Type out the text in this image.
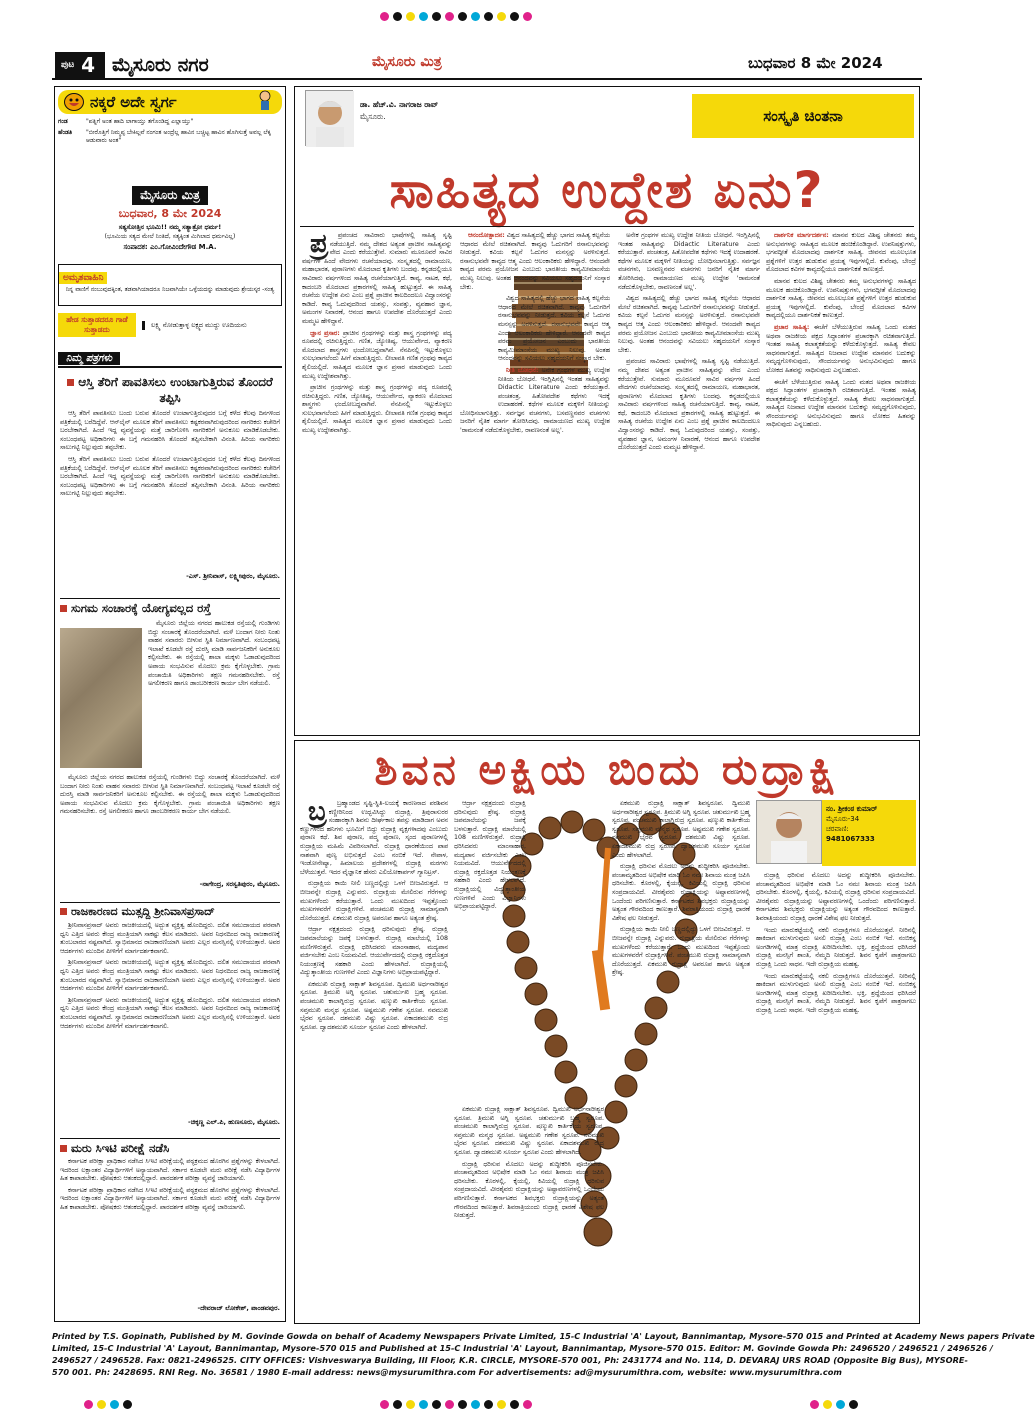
$^{ಪುಟ}$ 4 ಮೈಸೂರು ನಗರ	ಮೈಸೂರು ಮಿತ್ರ	ಬುಧವಾರ 8 ಮೇ 2024
ನಕ್ಕರೆ ಅದೇ ಸ್ವರ್ಗ
ಗಂಡ	"ಪತ್ನಿಗೆ ಅಂತ ಹಾದಿ ಲಾಗಾಯ್ತು ತಗೊಂಡಿದ್ದ ಎಲ್ಲಾಯ್ತು"
ಹೆಂಡತಿ	"ಬೀರೊತ್ತಿಗೆ ನಿಮ್ಮಪ್ಪ ಬೇಕಿಲ್ಲವೆ ನಂಗಂತ ಅಂದ್ರೆಲ್ಲ ಹಾವಿನ ಬಚ್ಚಿಟ್ಟ ಹಾವಿನ ಹೊಗಿಸುತ್ತೆ ಅವಲ್ಲ ಲೆಕ್ಕ ಆಡುವಾರು ಅಂತ"
ಮೈಸೂರು ಮಿತ್ರ
ಬುಧವಾರ, 8 ಮೇ 2024
ಸತ್ಯಸೋತ್ತಿನ ಭೂಮಿ!! ನಮ್ಮ ಸತ್ಯಾತ್ರೋ ಧರ್ಮ!
(ಭೂಮಿಯ ಸತ್ಯದ ಮೇಲೆ ನಿಂತಿದೆ, ಸತ್ಯಕ್ಕಿಂತ ಮಿಗಿಲಾದ ಧರ್ಮವಿಲ್ಲ)
ಸಂಪಾದಕ: ಎಂ.ಗೋವಿಂದೇಗೌಡ M.A.
ಅಮೃತವಾಹಿನಿ
ನಿನ್ನ ವಾಣಿಗೆ ನಂಬುವುದಕ್ಕಿಂತ, ತಡವಾಗಿಯಾದರೂ ನಿಜವಾಗಿಯೇ ಒಳ್ಳೆಯದನ್ನು ಮಾಡುವುದು ಶ್ರೇಯಸ್ಕರ -ಸಂತ್ಯ
ಹೇಡ ಸುತ್ತಾಡದರೂ ಗಾಡೆ ಸುತ್ತಾಡದು
ಲಕ್ಷ್ಮಿ ನೋಡುತ್ತಾಳ್ಳ ಲಕ್ಷ್ಮದ ಮುದ್ದು ಊದಿಯನು
ನಿಮ್ಮ ಪತ್ರಗಳು
ಆಸ್ತಿ ತೆರಿಗೆ ಪಾವತಿಸಲು ಉಂಟಾಗುತ್ತಿರುವ ತೊಂದರೆ ತಪ್ಪಿಸಿ

ಆಸ್ತಿ ತೆರಿಗೆ ಪಾವತಿಸಲು ಬಂದು ಬರುವ ತೊಂದರೆ ಉಂಟಾಗುತ್ತಿರುವುದರ ಬಗ್ಗೆ ಕಳೆದ ಕೆಲವು ದಿನಗಳಿಂದ ಪತ್ರಿಕೆಯಲ್ಲಿ ಬರೆದಿದ್ದೆವೆ. ಆನ್‌ಲೈನ್ ಮೂಲಕ ತೆರಿಗೆ ಪಾವತಿಸಲು ಕಷ್ಟಕರವಾಗಿರುವುದರಿಂದ ನಾಗರಿಕರು ಕಚೇರಿಗೆ ಬರಬೇಕಾಗಿದೆ. ಹಿಂದೆ ಇದ್ದ ವ್ಯವಸ್ಥೆಯನ್ನು ಮತ್ತೆ ಜಾರಿಗೊಳಿಸಿ ನಾಗರಿಕರಿಗೆ ಅನುಕೂಲ ಮಾಡಿಕೊಡಬೇಕು. ಸಂಬಂಧಪಟ್ಟ ಅಧಿಕಾರಿಗಳು ಈ ಬಗ್ಗೆ ಗಮನಹರಿಸಿ ತೊಂದರೆ ತಪ್ಪಿಸಬೇಕಾಗಿ ವಿನಂತಿ. ಹಿರಿಯ ನಾಗರಿಕರು ಸಾಲುಗಟ್ಟಿ ನಿಲ್ಲುವುದು ತಪ್ಪಬೇಕು.

ಆಸ್ತಿ ತೆರಿಗೆ ಪಾವತಿಸಲು ಬಂದು ಬರುವ ತೊಂದರೆ ಉಂಟಾಗುತ್ತಿರುವುದರ ಬಗ್ಗೆ ಕಳೆದ ಕೆಲವು ದಿನಗಳಿಂದ ಪತ್ರಿಕೆಯಲ್ಲಿ ಬರೆದಿದ್ದೆವೆ. ಆನ್‌ಲೈನ್ ಮೂಲಕ ತೆರಿಗೆ ಪಾವತಿಸಲು ಕಷ್ಟಕರವಾಗಿರುವುದರಿಂದ ನಾಗರಿಕರು ಕಚೇರಿಗೆ ಬರಬೇಕಾಗಿದೆ. ಹಿಂದೆ ಇದ್ದ ವ್ಯವಸ್ಥೆಯನ್ನು ಮತ್ತೆ ಜಾರಿಗೊಳಿಸಿ ನಾಗರಿಕರಿಗೆ ಅನುಕೂಲ ಮಾಡಿಕೊಡಬೇಕು. ಸಂಬಂಧಪಟ್ಟ ಅಧಿಕಾರಿಗಳು ಈ ಬಗ್ಗೆ ಗಮನಹರಿಸಿ ತೊಂದರೆ ತಪ್ಪಿಸಬೇಕಾಗಿ ವಿನಂತಿ. ಹಿರಿಯ ನಾಗರಿಕರು ಸಾಲುಗಟ್ಟಿ ನಿಲ್ಲುವುದು ತಪ್ಪಬೇಕು.

-ಎಸ್. ಶ್ರೀನಿವಾಸ್, ಲಕ್ಷ್ಮೀಪುರಂ, ಮೈಸೂರು.
ಸುಗಮ ಸಂಚಾರಕ್ಕೆ ಯೋಗ್ಯವಲ್ಲದ ರಸ್ತೆ

ಮೈಸೂರು ಜಿಲ್ಲೆಯ ನಗರದ ಹಾಲುಕಡ ರಸ್ತೆಯಲ್ಲಿ ಗುಂಡಿಗಳು ಬಿದ್ದು ಸಂಚಾರಕ್ಕೆ ತೊಂದರೆಯಾಗಿದೆ. ಮಳೆ ಬಂದಾಗ ನೀರು ನಿಂತು ವಾಹನ ಸವಾರರು ಬೀಳುವ ಸ್ಥಿತಿ ನಿರ್ಮಾಣವಾಗಿದೆ. ಸಂಬಂಧಪಟ್ಟ ಇಲಾಖೆ ಕೂಡಲೇ ರಸ್ತೆ ದುರಸ್ತಿ ಮಾಡಿ ಸಾರ್ವಜನಿಕರಿಗೆ ಅನುಕೂಲ ಕಲ್ಪಿಸಬೇಕು. ಈ ರಸ್ತೆಯಲ್ಲಿ ಶಾಲಾ ಮಕ್ಕಳು ಓಡಾಡುವುದರಿಂದ ಅಪಾಯ ಸಂಭವಿಸುವ ಮೊದಲು ಕ್ರಮ ಕೈಗೊಳ್ಳಬೇಕು. ಗ್ರಾಮ ಪಂಚಾಯಿತಿ ಅಧಿಕಾರಿಗಳು ತಕ್ಷಣ ಗಮನಹರಿಸಬೇಕು. ರಸ್ತೆ ಅಗಲೀಕರಣ ಹಾಗೂ ಡಾಂಬರೀಕರಣ ಕಾರ್ಯ ಬೇಗ ನಡೆಯಲಿ.

ಮೈಸೂರು ಜಿಲ್ಲೆಯ ನಗರದ ಹಾಲುಕಡ ರಸ್ತೆಯಲ್ಲಿ ಗುಂಡಿಗಳು ಬಿದ್ದು ಸಂಚಾರಕ್ಕೆ ತೊಂದರೆಯಾಗಿದೆ. ಮಳೆ ಬಂದಾಗ ನೀರು ನಿಂತು ವಾಹನ ಸವಾರರು ಬೀಳುವ ಸ್ಥಿತಿ ನಿರ್ಮಾಣವಾಗಿದೆ. ಸಂಬಂಧಪಟ್ಟ ಇಲಾಖೆ ಕೂಡಲೇ ರಸ್ತೆ ದುರಸ್ತಿ ಮಾಡಿ ಸಾರ್ವಜನಿಕರಿಗೆ ಅನುಕೂಲ ಕಲ್ಪಿಸಬೇಕು. ಈ ರಸ್ತೆಯಲ್ಲಿ ಶಾಲಾ ಮಕ್ಕಳು ಓಡಾಡುವುದರಿಂದ ಅಪಾಯ ಸಂಭವಿಸುವ ಮೊದಲು ಕ್ರಮ ಕೈಗೊಳ್ಳಬೇಕು. ಗ್ರಾಮ ಪಂಚಾಯಿತಿ ಅಧಿಕಾರಿಗಳು ತಕ್ಷಣ ಗಮನಹರಿಸಬೇಕು. ರಸ್ತೆ ಅಗಲೀಕರಣ ಹಾಗೂ ಡಾಂಬರೀಕರಣ ಕಾರ್ಯ ಬೇಗ ನಡೆಯಲಿ.

-ನಾಗೇಂದ್ರ, ಸರಸ್ವತಿಪುರಂ, ಮೈಸೂರು.
ರಾಜಕಾರಣದ ಮುತ್ಸದ್ದಿ ಶ್ರೀನಿವಾಸಪ್ರಸಾದ್

ಶ್ರೀನಿವಾಸಪ್ರಸಾದ್ ಅವರು ರಾಜಕೀಯದಲ್ಲಿ ಅದ್ಭುತ ವ್ಯಕ್ತಿತ್ವ ಹೊಂದಿದ್ದರು. ದಲಿತ ಸಮುದಾಯದ ಪರವಾಗಿ ಧ್ವನಿ ಎತ್ತಿದ ಅವರು ಕೇಂದ್ರ ಮಂತ್ರಿಯಾಗಿ ಸಾಕಷ್ಟು ಕೆಲಸ ಮಾಡಿದರು. ಅವರ ನಿಧನದಿಂದ ರಾಜ್ಯ ರಾಜಕಾರಣಕ್ಕೆ ತುಂಬಲಾರದ ನಷ್ಟವಾಗಿದೆ. ಸ್ವಾಭಿಮಾನದ ರಾಜಕಾರಣಿಯಾಗಿ ಅವರು ಎಲ್ಲರ ಮನಸ್ಸಿನಲ್ಲಿ ಉಳಿಯುತ್ತಾರೆ. ಅವರ ಆದರ್ಶಗಳು ಮುಂದಿನ ಪೀಳಿಗೆಗೆ ಮಾರ್ಗದರ್ಶಕವಾಗಲಿ.

ಶ್ರೀನಿವಾಸಪ್ರಸಾದ್ ಅವರು ರಾಜಕೀಯದಲ್ಲಿ ಅದ್ಭುತ ವ್ಯಕ್ತಿತ್ವ ಹೊಂದಿದ್ದರು. ದಲಿತ ಸಮುದಾಯದ ಪರವಾಗಿ ಧ್ವನಿ ಎತ್ತಿದ ಅವರು ಕೇಂದ್ರ ಮಂತ್ರಿಯಾಗಿ ಸಾಕಷ್ಟು ಕೆಲಸ ಮಾಡಿದರು. ಅವರ ನಿಧನದಿಂದ ರಾಜ್ಯ ರಾಜಕಾರಣಕ್ಕೆ ತುಂಬಲಾರದ ನಷ್ಟವಾಗಿದೆ. ಸ್ವಾಭಿಮಾನದ ರಾಜಕಾರಣಿಯಾಗಿ ಅವರು ಎಲ್ಲರ ಮನಸ್ಸಿನಲ್ಲಿ ಉಳಿಯುತ್ತಾರೆ. ಅವರ ಆದರ್ಶಗಳು ಮುಂದಿನ ಪೀಳಿಗೆಗೆ ಮಾರ್ಗದರ್ಶಕವಾಗಲಿ.

ಶ್ರೀನಿವಾಸಪ್ರಸಾದ್ ಅವರು ರಾಜಕೀಯದಲ್ಲಿ ಅದ್ಭುತ ವ್ಯಕ್ತಿತ್ವ ಹೊಂದಿದ್ದರು. ದಲಿತ ಸಮುದಾಯದ ಪರವಾಗಿ ಧ್ವನಿ ಎತ್ತಿದ ಅವರು ಕೇಂದ್ರ ಮಂತ್ರಿಯಾಗಿ ಸಾಕಷ್ಟು ಕೆಲಸ ಮಾಡಿದರು. ಅವರ ನಿಧನದಿಂದ ರಾಜ್ಯ ರಾಜಕಾರಣಕ್ಕೆ ತುಂಬಲಾರದ ನಷ್ಟವಾಗಿದೆ. ಸ್ವಾಭಿಮಾನದ ರಾಜಕಾರಣಿಯಾಗಿ ಅವರು ಎಲ್ಲರ ಮನಸ್ಸಿನಲ್ಲಿ ಉಳಿಯುತ್ತಾರೆ. ಅವರ ಆದರ್ಶಗಳು ಮುಂದಿನ ಪೀಳಿಗೆಗೆ ಮಾರ್ಗದರ್ಶಕವಾಗಲಿ.

-ಚಿಕ್ಕಣ್ಣ ಎಲ್.ಪಿ, ಹುಣಸೂರು, ಮೈಸೂರು.
ಮರು ಸಿಇಟಿ ಪರೀಕ್ಷೆ ನಡೆಸಿ

ಕರ್ನಾಟಕ ಪರೀಕ್ಷಾ ಪ್ರಾಧಿಕಾರ ನಡೆಸಿದ ಸಿಇಟಿ ಪರೀಕ್ಷೆಯಲ್ಲಿ ಪಠ್ಯಕ್ರಮದ ಹೊರಗಿನ ಪ್ರಶ್ನೆಗಳನ್ನು ಕೇಳಲಾಗಿದೆ. ಇದರಿಂದ ಲಕ್ಷಾಂತರ ವಿದ್ಯಾರ್ಥಿಗಳಿಗೆ ಅನ್ಯಾಯವಾಗಿದೆ. ಸರ್ಕಾರ ಕೂಡಲೇ ಮರು ಪರೀಕ್ಷೆ ನಡೆಸಿ ವಿದ್ಯಾರ್ಥಿಗಳ ಹಿತ ಕಾಪಾಡಬೇಕು. ಪೋಷಕರು ಆತಂಕದಲ್ಲಿದ್ದಾರೆ. ಪಾರದರ್ಶಕ ಪರೀಕ್ಷಾ ವ್ಯವಸ್ಥೆ ಜಾರಿಯಾಗಲಿ.

ಕರ್ನಾಟಕ ಪರೀಕ್ಷಾ ಪ್ರಾಧಿಕಾರ ನಡೆಸಿದ ಸಿಇಟಿ ಪರೀಕ್ಷೆಯಲ್ಲಿ ಪಠ್ಯಕ್ರಮದ ಹೊರಗಿನ ಪ್ರಶ್ನೆಗಳನ್ನು ಕೇಳಲಾಗಿದೆ. ಇದರಿಂದ ಲಕ್ಷಾಂತರ ವಿದ್ಯಾರ್ಥಿಗಳಿಗೆ ಅನ್ಯಾಯವಾಗಿದೆ. ಸರ್ಕಾರ ಕೂಡಲೇ ಮರು ಪರೀಕ್ಷೆ ನಡೆಸಿ ವಿದ್ಯಾರ್ಥಿಗಳ ಹಿತ ಕಾಪಾಡಬೇಕು. ಪೋಷಕರು ಆತಂಕದಲ್ಲಿದ್ದಾರೆ. ಪಾರದರ್ಶಕ ಪರೀಕ್ಷಾ ವ್ಯವಸ್ಥೆ ಜಾರಿಯಾಗಲಿ.

-ದೇವರಾಜ್ ಲೋಕೇಶ್, ಪಾಂಡವಪುರ.
ಡಾ. ಹೆಚ್.ವಿ. ನಾಗರಾಜ ರಾವ್
ಮೈಸೂರು.	ಸಂಸ್ಕೃತಿ ಚಿಂತನಾ
ಸಾಹಿತ್ಯದ ಉದ್ದೇಶ ಏನು?

ಪ್ರ ಪ್ರಪಂಚದ ಸಾವಿರಾರು ಭಾಷೆಗಳಲ್ಲಿ ಸಾಹಿತ್ಯ ಸೃಷ್ಟಿ ನಡೆಯುತ್ತಿದೆ. ನಮ್ಮ ದೇಶದ ಅತ್ಯಂತ ಪ್ರಾಚೀನ ಸಾಹಿತ್ಯವನ್ನು ವೇದ ಎಂದು ಕರೆಯುತ್ತೇವೆ. ಸುಮಾರು ಮೂರೂವರೆ ಸಾವಿರ ವರ್ಷಗಳ ಹಿಂದೆ ವೇದಗಳು ರಚನೆಯಾದವು. ಸಂಸ್ಕೃತದಲ್ಲಿ ರಾಮಾಯಣ, ಮಹಾಭಾರತ, ಪುರಾಣಗಳು ಮೊದಲಾದ ಕೃತಿಗಳು ಬಂದವು. ಕನ್ನಡದಲ್ಲಿಯೂ ಸಾವಿರಾರು ವರ್ಷಗಳಿಂದ ಸಾಹಿತ್ಯ ರಚನೆಯಾಗುತ್ತಿದೆ. ಕಾವ್ಯ, ನಾಟಕ, ಕಥೆ, ಕಾದಂಬರಿ ಮೊದಲಾದ ಪ್ರಕಾರಗಳಲ್ಲಿ ಸಾಹಿತ್ಯ ಹುಟ್ಟುತ್ತದೆ. ಈ ಸಾಹಿತ್ಯ ರಚನೆಯ ಉದ್ದೇಶ ಏನು ಎಂಬ ಪ್ರಶ್ನೆ ಪ್ರಾಚೀನ ಕಾಲದಿಂದಲೂ ವಿದ್ವಾಂಸರನ್ನು ಕಾಡಿದೆ. ಕಾವ್ಯ ಓದುವುದರಿಂದ ಯಶಸ್ಸು, ಸಂಪತ್ತು, ವ್ಯವಹಾರ ಜ್ಞಾನ, ಅಮಂಗಳ ನಿವಾರಣೆ, ಆನಂದ ಹಾಗೂ ಉಪದೇಶ ದೊರೆಯುತ್ತದೆ ಎಂದು ಮಮ್ಮಟ ಹೇಳಿದ್ದಾನೆ.

ಜ್ಞಾನ ಪ್ರಸಾರ: ಪ್ರಾಚೀನ ಗ್ರಂಥಗಳನ್ನು ಮತ್ತು ಶಾಸ್ತ್ರ ಗ್ರಂಥಗಳನ್ನು ಪದ್ಯ ರೂಪದಲ್ಲಿ ರಚಿಸುತ್ತಿದ್ದರು. ಗಣಿತ, ಜ್ಯೋತಿಷ್ಯ, ಆಯುರ್ವೇದ, ವ್ಯಾಕರಣ ಮೊದಲಾದ ಶಾಸ್ತ್ರಗಳು ಛಂದೋಬದ್ಧವಾಗಿವೆ. ನೆನಪಿನಲ್ಲಿ ಇಟ್ಟುಕೊಳ್ಳಲು ಸುಲಭವಾಗಲೆಂದು ಹೀಗೆ ಮಾಡುತ್ತಿದ್ದರು. ಲೀಲಾವತಿ ಗಣಿತ ಗ್ರಂಥವು ಕಾವ್ಯದ ಶೈಲಿಯಲ್ಲಿದೆ. ಸಾಹಿತ್ಯದ ಮೂಲಕ ಜ್ಞಾನ ಪ್ರಸಾರ ಮಾಡುವುದು ಒಂದು ಮುಖ್ಯ ಉದ್ದೇಶವಾಗಿತ್ತು.

ಪ್ರಾಚೀನ ಗ್ರಂಥಗಳನ್ನು ಮತ್ತು ಶಾಸ್ತ್ರ ಗ್ರಂಥಗಳನ್ನು ಪದ್ಯ ರೂಪದಲ್ಲಿ ರಚಿಸುತ್ತಿದ್ದರು. ಗಣಿತ, ಜ್ಯೋತಿಷ್ಯ, ಆಯುರ್ವೇದ, ವ್ಯಾಕರಣ ಮೊದಲಾದ ಶಾಸ್ತ್ರಗಳು ಛಂದೋಬದ್ಧವಾಗಿವೆ. ನೆನಪಿನಲ್ಲಿ ಇಟ್ಟುಕೊಳ್ಳಲು ಸುಲಭವಾಗಲೆಂದು ಹೀಗೆ ಮಾಡುತ್ತಿದ್ದರು. ಲೀಲಾವತಿ ಗಣಿತ ಗ್ರಂಥವು ಕಾವ್ಯದ ಶೈಲಿಯಲ್ಲಿದೆ. ಸಾಹಿತ್ಯದ ಮೂಲಕ ಜ್ಞಾನ ಪ್ರಸಾರ ಮಾಡುವುದು ಒಂದು ಮುಖ್ಯ ಉದ್ದೇಶವಾಗಿತ್ತು.

ಆನಂದೋತ್ಪಾದನ: ವಿಶ್ವದ ಸಾಹಿತ್ಯದಲ್ಲಿ ಹೆಚ್ಚು ಭಾಗದ ಸಾಹಿತ್ಯ ಕಲ್ಪನೆಯ ಆಧಾರದ ಮೇಲೆ ರಚಿತವಾಗಿದೆ. ಕಾವ್ಯವು ಓದುಗರಿಗೆ ರಸಾನುಭವವನ್ನು ನೀಡುತ್ತದೆ. ಕವಿಯ ಕಲ್ಪನೆ ಓದುಗರ ಮನಸ್ಸನ್ನು ಅರಳಿಸುತ್ತದೆ. ರಸಾನುಭವವೇ ಕಾವ್ಯದ ಆತ್ಮ ಎಂದು ಆಲಂಕಾರಿಕರು ಹೇಳಿದ್ದಾರೆ. ಆನಂದವೇ ಕಾವ್ಯದ ಪರಮ ಪ್ರಯೋಜನ ಎಂಬುದು ಭಾರತೀಯ ಕಾವ್ಯಮೀಮಾಂಸೆಯ ಮುಖ್ಯ ನಿಲುವು. ಅಂತಹ ಆನಂದವನ್ನು ಸವಿಯಲು ಸಹೃದಯನಿಗೆ ಸಂಸ್ಕಾರ ಬೇಕು.

ವಿಶ್ವದ ಸಾಹಿತ್ಯದಲ್ಲಿ ಹೆಚ್ಚು ಭಾಗದ ಸಾಹಿತ್ಯ ಕಲ್ಪನೆಯ ಆಧಾರದ ಮೇಲೆ ರಚಿತವಾಗಿದೆ. ಕಾವ್ಯವು ಓದುಗರಿಗೆ ರಸಾನುಭವವನ್ನು ನೀಡುತ್ತದೆ. ಕವಿಯ ಕಲ್ಪನೆ ಓದುಗರ ಮನಸ್ಸನ್ನು ಅರಳಿಸುತ್ತದೆ. ರಸಾನುಭವವೇ ಕಾವ್ಯದ ಆತ್ಮ ಎಂದು ಆಲಂಕಾರಿಕರು ಹೇಳಿದ್ದಾರೆ. ಆನಂದವೇ ಕಾವ್ಯದ ಪರಮ ಪ್ರಯೋಜನ ಎಂಬುದು ಭಾರತೀಯ ಕಾವ್ಯಮೀಮಾಂಸೆಯ ಮುಖ್ಯ ನಿಲುವು. ಅಂತಹ ಆನಂದವನ್ನು ಸವಿಯಲು ಸಹೃದಯನಿಗೆ ಸಂಸ್ಕಾರ ಬೇಕು.

ನೀತಿ ಬೋಧನೆ: ಅನೇಕ ಗ್ರಂಥಗಳ ಮುಖ್ಯ ಉದ್ದೇಶ ನೀತಿಯ ಬೋಧನೆ. ಇಂಗ್ಲಿಷಿನಲ್ಲಿ ಇಂತಹ ಸಾಹಿತ್ಯವನ್ನು Didactic Literature ಎಂದು ಕರೆಯುತ್ತಾರೆ. ಪಂಚತಂತ್ರ, ಹಿತೋಪದೇಶ ಕಥೆಗಳು ಇದಕ್ಕೆ ಉದಾಹರಣೆ. ಕಥೆಗಳ ಮೂಲಕ ಮಕ್ಕಳಿಗೆ ನೀತಿಯನ್ನು ಬೋಧಿಸಲಾಗುತ್ತಿತ್ತು. ಸರ್ವಜ್ಞನ ವಚನಗಳು, ಬಸವಣ್ಣನವರ ವಚನಗಳು ಜನರಿಗೆ ನೈತಿಕ ಮಾರ್ಗ ತೋರಿಸಿದವು. ರಾಮಾಯಣದ ಮುಖ್ಯ ಉದ್ದೇಶ 'ರಾಮನಂತೆ ನಡೆದುಕೊಳ್ಳಬೇಕು, ರಾವಣನಂತೆ ಅಲ್ಲ'.

ಅನೇಕ ಗ್ರಂಥಗಳ ಮುಖ್ಯ ಉದ್ದೇಶ ನೀತಿಯ ಬೋಧನೆ. ಇಂಗ್ಲಿಷಿನಲ್ಲಿ ಇಂತಹ ಸಾಹಿತ್ಯವನ್ನು Didactic Literature ಎಂದು ಕರೆಯುತ್ತಾರೆ. ಪಂಚತಂತ್ರ, ಹಿತೋಪದೇಶ ಕಥೆಗಳು ಇದಕ್ಕೆ ಉದಾಹರಣೆ. ಕಥೆಗಳ ಮೂಲಕ ಮಕ್ಕಳಿಗೆ ನೀತಿಯನ್ನು ಬೋಧಿಸಲಾಗುತ್ತಿತ್ತು. ಸರ್ವಜ್ಞನ ವಚನಗಳು, ಬಸವಣ್ಣನವರ ವಚನಗಳು ಜನರಿಗೆ ನೈತಿಕ ಮಾರ್ಗ ತೋರಿಸಿದವು. ರಾಮಾಯಣದ ಮುಖ್ಯ ಉದ್ದೇಶ 'ರಾಮನಂತೆ ನಡೆದುಕೊಳ್ಳಬೇಕು, ರಾವಣನಂತೆ ಅಲ್ಲ'.

ವಿಶ್ವದ ಸಾಹಿತ್ಯದಲ್ಲಿ ಹೆಚ್ಚು ಭಾಗದ ಸಾಹಿತ್ಯ ಕಲ್ಪನೆಯ ಆಧಾರದ ಮೇಲೆ ರಚಿತವಾಗಿದೆ. ಕಾವ್ಯವು ಓದುಗರಿಗೆ ರಸಾನುಭವವನ್ನು ನೀಡುತ್ತದೆ. ಕವಿಯ ಕಲ್ಪನೆ ಓದುಗರ ಮನಸ್ಸನ್ನು ಅರಳಿಸುತ್ತದೆ. ರಸಾನುಭವವೇ ಕಾವ್ಯದ ಆತ್ಮ ಎಂದು ಆಲಂಕಾರಿಕರು ಹೇಳಿದ್ದಾರೆ. ಆನಂದವೇ ಕಾವ್ಯದ ಪರಮ ಪ್ರಯೋಜನ ಎಂಬುದು ಭಾರತೀಯ ಕಾವ್ಯಮೀಮಾಂಸೆಯ ಮುಖ್ಯ ನಿಲುವು. ಅಂತಹ ಆನಂದವನ್ನು ಸವಿಯಲು ಸಹೃದಯನಿಗೆ ಸಂಸ್ಕಾರ ಬೇಕು.

ಪ್ರಪಂಚದ ಸಾವಿರಾರು ಭಾಷೆಗಳಲ್ಲಿ ಸಾಹಿತ್ಯ ಸೃಷ್ಟಿ ನಡೆಯುತ್ತಿದೆ. ನಮ್ಮ ದೇಶದ ಅತ್ಯಂತ ಪ್ರಾಚೀನ ಸಾಹಿತ್ಯವನ್ನು ವೇದ ಎಂದು ಕರೆಯುತ್ತೇವೆ. ಸುಮಾರು ಮೂರೂವರೆ ಸಾವಿರ ವರ್ಷಗಳ ಹಿಂದೆ ವೇದಗಳು ರಚನೆಯಾದವು. ಸಂಸ್ಕೃತದಲ್ಲಿ ರಾಮಾಯಣ, ಮಹಾಭಾರತ, ಪುರಾಣಗಳು ಮೊದಲಾದ ಕೃತಿಗಳು ಬಂದವು. ಕನ್ನಡದಲ್ಲಿಯೂ ಸಾವಿರಾರು ವರ್ಷಗಳಿಂದ ಸಾಹಿತ್ಯ ರಚನೆಯಾಗುತ್ತಿದೆ. ಕಾವ್ಯ, ನಾಟಕ, ಕಥೆ, ಕಾದಂಬರಿ ಮೊದಲಾದ ಪ್ರಕಾರಗಳಲ್ಲಿ ಸಾಹಿತ್ಯ ಹುಟ್ಟುತ್ತದೆ. ಈ ಸಾಹಿತ್ಯ ರಚನೆಯ ಉದ್ದೇಶ ಏನು ಎಂಬ ಪ್ರಶ್ನೆ ಪ್ರಾಚೀನ ಕಾಲದಿಂದಲೂ ವಿದ್ವಾಂಸರನ್ನು ಕಾಡಿದೆ. ಕಾವ್ಯ ಓದುವುದರಿಂದ ಯಶಸ್ಸು, ಸಂಪತ್ತು, ವ್ಯವಹಾರ ಜ್ಞಾನ, ಅಮಂಗಳ ನಿವಾರಣೆ, ಆನಂದ ಹಾಗೂ ಉಪದೇಶ ದೊರೆಯುತ್ತದೆ ಎಂದು ಮಮ್ಮಟ ಹೇಳಿದ್ದಾನೆ.

ದಾರ್ಶನಿಕ ಮಾರ್ಗದರ್ಶನ: ಮಾನವ ಕುಲದ ವಿಶಿಷ್ಟ ಚೇತನರು ತಮ್ಮ ಅನುಭವಗಳನ್ನು ಸಾಹಿತ್ಯದ ಮೂಲಕ ಹಂಚಿಕೊಂಡಿದ್ದಾರೆ. ಉಪನಿಷತ್ತುಗಳು, ಭಗವದ್ಗೀತೆ ಮೊದಲಾದವು ದಾರ್ಶನಿಕ ಸಾಹಿತ್ಯ. ಜೀವನದ ಮೂಲಭೂತ ಪ್ರಶ್ನೆಗಳಿಗೆ ಉತ್ತರ ಹುಡುಕುವ ಪ್ರಯತ್ನ ಇವುಗಳಲ್ಲಿದೆ. ಕುವೆಂಪು, ಬೇಂದ್ರೆ ಮೊದಲಾದ ಕವಿಗಳ ಕಾವ್ಯದಲ್ಲಿಯೂ ದಾರ್ಶನಿಕತೆ ಕಾಣುತ್ತದೆ.

ಮಾನವ ಕುಲದ ವಿಶಿಷ್ಟ ಚೇತನರು ತಮ್ಮ ಅನುಭವಗಳನ್ನು ಸಾಹಿತ್ಯದ ಮೂಲಕ ಹಂಚಿಕೊಂಡಿದ್ದಾರೆ. ಉಪನಿಷತ್ತುಗಳು, ಭಗವದ್ಗೀತೆ ಮೊದಲಾದವು ದಾರ್ಶನಿಕ ಸಾಹಿತ್ಯ. ಜೀವನದ ಮೂಲಭೂತ ಪ್ರಶ್ನೆಗಳಿಗೆ ಉತ್ತರ ಹುಡುಕುವ ಪ್ರಯತ್ನ ಇವುಗಳಲ್ಲಿದೆ. ಕುವೆಂಪು, ಬೇಂದ್ರೆ ಮೊದಲಾದ ಕವಿಗಳ ಕಾವ್ಯದಲ್ಲಿಯೂ ದಾರ್ಶನಿಕತೆ ಕಾಣುತ್ತದೆ.

ಪ್ರಚಾರ ಸಾಹಿತ್ಯ: ಈಚೆಗೆ ಬೆಳೆಯುತ್ತಿರುವ ಸಾಹಿತ್ಯ ಒಂದು ಮತದ ಅಥವಾ ರಾಜಕೀಯ ಪಕ್ಷದ ಸಿದ್ಧಾಂತಗಳ ಪ್ರಚಾರಕ್ಕಾಗಿ ರಚಿತವಾಗುತ್ತಿದೆ. ಇಂತಹ ಸಾಹಿತ್ಯ ಕಲಾತ್ಮಕತೆಯನ್ನು ಕಳೆದುಕೊಳ್ಳುತ್ತದೆ. ಸಾಹಿತ್ಯ ಕೇವಲ ಸಾಧನವಾಗುತ್ತದೆ. ಸಾಹಿತ್ಯದ ನಿಜವಾದ ಉದ್ದೇಶ ಮಾನವನ ಬದುಕನ್ನು ಸಮೃದ್ಧಗೊಳಿಸುವುದು, ಸೌಂದರ್ಯವನ್ನು ಅನುಭವಿಸುವುದು ಹಾಗೂ ಲೋಕದ ಹಿತವನ್ನು ಸಾಧಿಸುವುದು ಎನ್ನಬಹುದು.

ಈಚೆಗೆ ಬೆಳೆಯುತ್ತಿರುವ ಸಾಹಿತ್ಯ ಒಂದು ಮತದ ಅಥವಾ ರಾಜಕೀಯ ಪಕ್ಷದ ಸಿದ್ಧಾಂತಗಳ ಪ್ರಚಾರಕ್ಕಾಗಿ ರಚಿತವಾಗುತ್ತಿದೆ. ಇಂತಹ ಸಾಹಿತ್ಯ ಕಲಾತ್ಮಕತೆಯನ್ನು ಕಳೆದುಕೊಳ್ಳುತ್ತದೆ. ಸಾಹಿತ್ಯ ಕೇವಲ ಸಾಧನವಾಗುತ್ತದೆ. ಸಾಹಿತ್ಯದ ನಿಜವಾದ ಉದ್ದೇಶ ಮಾನವನ ಬದುಕನ್ನು ಸಮೃದ್ಧಗೊಳಿಸುವುದು, ಸೌಂದರ್ಯವನ್ನು ಅನುಭವಿಸುವುದು ಹಾಗೂ ಲೋಕದ ಹಿತವನ್ನು ಸಾಧಿಸುವುದು ಎನ್ನಬಹುದು.

ಶಿವನ ಅಕ್ಷಿಯ ಬಿಂದು ರುದ್ರಾಕ್ಷಿ

ಬ್ರ ಬ್ರಹ್ಮಾಂಡದ ಸೃಷ್ಟಿ-ಸ್ಥಿತಿ-ಲಯಕ್ಕೆ ಕಾರಣನಾದ ಪರಶಿವನ ಕಣ್ಣೀರಿನಿಂದ ಉದ್ಭವಿಸಿದ್ದು ರುದ್ರಾಕ್ಷಿ. ತ್ರಿಪುರಾಸುರರ ಸಂಹಾರಕ್ಕಾಗಿ ಶಿವನು ದೀರ್ಘಕಾಲ ತಪಸ್ಸು ಮಾಡಿದಾಗ ಅವನ ಕಣ್ಣುಗಳಿಂದ ಹನಿಗಳು ಭೂಮಿಗೆ ಬಿದ್ದು ರುದ್ರಾಕ್ಷಿ ವೃಕ್ಷಗಳಾದವು ಎಂಬುದು ಪುರಾಣ ಕಥೆ. ಶಿವ ಪುರಾಣ, ಪದ್ಮ ಪುರಾಣ, ಸ್ಕಂದ ಪುರಾಣಗಳಲ್ಲಿ ರುದ್ರಾಕ್ಷಿಯ ಮಹಿಮೆ ವಿವರಿಸಲಾಗಿದೆ. ರುದ್ರಾಕ್ಷಿ ಧಾರಣೆಯಿಂದ ಪಾಪ ನಾಶವಾಗಿ ಪುಣ್ಯ ಲಭಿಸುತ್ತದೆ ಎಂಬ ನಂಬಿಕೆ ಇದೆ. ನೇಪಾಳ, ಇಂಡೋನೇಷ್ಯಾ, ಹಿಮಾಲಯ ಪ್ರದೇಶಗಳಲ್ಲಿ ರುದ್ರಾಕ್ಷಿ ಮರಗಳು ಬೆಳೆಯುತ್ತವೆ. ಇದರ ವೈಜ್ಞಾನಿಕ ಹೆಸರು ಎಲಿಯೋಕಾರ್ಪಸ್ ಗ್ಯಾನಿಟ್ರಸ್.

ರುದ್ರಾಕ್ಷಿಯ ಕಾಯಿ ನೀಲಿ ಬಣ್ಣದಲ್ಲಿದ್ದು ಒಳಗೆ ಬೀಜವಿರುತ್ತದೆ. ಆ ಬೀಜವನ್ನೇ ರುದ್ರಾಕ್ಷಿ ಎನ್ನುವರು. ರುದ್ರಾಕ್ಷಿಯ ಮೇಲಿರುವ ಗೆರೆಗಳನ್ನು ಮುಖಗಳೆಂದು ಕರೆಯುತ್ತಾರೆ. ಒಂದು ಮುಖದಿಂದ ಇಪ್ಪತ್ತೊಂದು ಮುಖಗಳವರೆಗೆ ರುದ್ರಾಕ್ಷಿಗಳಿವೆ. ಪಂಚಮುಖಿ ರುದ್ರಾಕ್ಷಿ ಸಾಮಾನ್ಯವಾಗಿ ದೊರೆಯುತ್ತದೆ. ಏಕಮುಖಿ ರುದ್ರಾಕ್ಷಿ ಅಪರೂಪ ಹಾಗೂ ಅತ್ಯಂತ ಶ್ರೇಷ್ಠ.

ಆರ್ದ್ರಾ ನಕ್ಷತ್ರದಂದು ರುದ್ರಾಕ್ಷಿ ಧರಿಸುವುದು ಶ್ರೇಷ್ಠ. ರುದ್ರಾಕ್ಷಿ ಜಪಮಾಲೆಯನ್ನು ಜಪಕ್ಕೆ ಬಳಸುತ್ತಾರೆ. ರುದ್ರಾಕ್ಷಿ ಮಾಲೆಯಲ್ಲಿ 108 ಮಣಿಗಳಿರುತ್ತವೆ. ರುದ್ರಾಕ್ಷಿ ಧರಿಸಿದವರು ಮಾಂಸಾಹಾರ, ಮದ್ಯಪಾನ ವರ್ಜಿಸಬೇಕು ಎಂಬ ನಿಯಮವಿದೆ. ಆಯುರ್ವೇದದಲ್ಲಿ ರುದ್ರಾಕ್ಷಿ ರಕ್ತದೊತ್ತಡ ನಿಯಂತ್ರಣಕ್ಕೆ ಸಹಕಾರಿ ಎಂದು ಹೇಳಲಾಗಿದೆ. ರುದ್ರಾಕ್ಷಿಯಲ್ಲಿ ವಿದ್ಯುತ್ಕಾಂತೀಯ ಗುಣಗಳಿವೆ ಎಂದು ವಿಜ್ಞಾನಿಗಳು ಅಭಿಪ್ರಾಯಪಟ್ಟಿದ್ದಾರೆ.

ಏಕಮುಖಿ ರುದ್ರಾಕ್ಷಿ ಸಾಕ್ಷಾತ್ ಶಿವಸ್ವರೂಪ. ದ್ವಿಮುಖಿ ಅರ್ಧನಾರೀಶ್ವರ ಸ್ವರೂಪ. ತ್ರಿಮುಖಿ ಅಗ್ನಿ ಸ್ವರೂಪ. ಚತುರ್ಮುಖಿ ಬ್ರಹ್ಮ ಸ್ವರೂಪ. ಪಂಚಮುಖಿ ಕಾಲಾಗ್ನಿರುದ್ರ ಸ್ವರೂಪ. ಷಣ್ಮುಖಿ ಕಾರ್ತಿಕೇಯ ಸ್ವರೂಪ. ಸಪ್ತಮುಖಿ ಮನ್ಮಥ ಸ್ವರೂಪ. ಅಷ್ಟಮುಖಿ ಗಣೇಶ ಸ್ವರೂಪ. ನವಮುಖಿ ಭೈರವ ಸ್ವರೂಪ. ದಶಮುಖಿ ವಿಷ್ಣು ಸ್ವರೂಪ. ಏಕಾದಶಮುಖಿ ರುದ್ರ ಸ್ವರೂಪ. ದ್ವಾದಶಮುಖಿ ಸೂರ್ಯ ಸ್ವರೂಪ ಎಂದು ಹೇಳಲಾಗಿದೆ.

ಆರ್ದ್ರಾ ನಕ್ಷತ್ರದಂದು ರುದ್ರಾಕ್ಷಿ ಧರಿಸುವುದು ಶ್ರೇಷ್ಠ. ರುದ್ರಾಕ್ಷಿ ಜಪಮಾಲೆಯನ್ನು ಜಪಕ್ಕೆ ಬಳಸುತ್ತಾರೆ. ರುದ್ರಾಕ್ಷಿ ಮಾಲೆಯಲ್ಲಿ 108 ಮಣಿಗಳಿರುತ್ತವೆ. ರುದ್ರಾಕ್ಷಿ ಧರಿಸಿದವರು ಮಾಂಸಾಹಾರ, ಮದ್ಯಪಾನ ವರ್ಜಿಸಬೇಕು ಎಂಬ ನಿಯಮವಿದೆ. ಆಯುರ್ವೇದದಲ್ಲಿ ರುದ್ರಾಕ್ಷಿ ರಕ್ತದೊತ್ತಡ ನಿಯಂತ್ರಣಕ್ಕೆ ಸಹಕಾರಿ ಎಂದು ಹೇಳಲಾಗಿದೆ. ರುದ್ರಾಕ್ಷಿಯಲ್ಲಿ ವಿದ್ಯುತ್ಕಾಂತೀಯ ಗುಣಗಳಿವೆ ಎಂದು ವಿಜ್ಞಾನಿಗಳು ಅಭಿಪ್ರಾಯಪಟ್ಟಿದ್ದಾರೆ.

ಏಕಮುಖಿ ರುದ್ರಾಕ್ಷಿ ಸಾಕ್ಷಾತ್ ಶಿವಸ್ವರೂಪ. ದ್ವಿಮುಖಿ ಅರ್ಧನಾರೀಶ್ವರ ಸ್ವರೂಪ. ತ್ರಿಮುಖಿ ಅಗ್ನಿ ಸ್ವರೂಪ. ಚತುರ್ಮುಖಿ ಬ್ರಹ್ಮ ಸ್ವರೂಪ. ಪಂಚಮುಖಿ ಕಾಲಾಗ್ನಿರುದ್ರ ಸ್ವರೂಪ. ಷಣ್ಮುಖಿ ಕಾರ್ತಿಕೇಯ ಸ್ವರೂಪ. ಸಪ್ತಮುಖಿ ಮನ್ಮಥ ಸ್ವರೂಪ. ಅಷ್ಟಮುಖಿ ಗಣೇಶ ಸ್ವರೂಪ. ನವಮುಖಿ ಭೈರವ ಸ್ವರೂಪ. ದಶಮುಖಿ ವಿಷ್ಣು ಸ್ವರೂಪ. ಏಕಾದಶಮುಖಿ ರುದ್ರ ಸ್ವರೂಪ. ದ್ವಾದಶಮುಖಿ ಸೂರ್ಯ ಸ್ವರೂಪ ಎಂದು ಹೇಳಲಾಗಿದೆ.

ರುದ್ರಾಕ್ಷಿ ಧರಿಸುವ ಮೊದಲು ಅದನ್ನು ಶುದ್ಧೀಕರಿಸಿ ಪೂಜಿಸಬೇಕು. ಪಂಚಾಮೃತದಿಂದ ಅಭಿಷೇಕ ಮಾಡಿ ಓಂ ನಮಃ ಶಿವಾಯ ಮಂತ್ರ ಜಪಿಸಿ ಧರಿಸಬೇಕು. ಕೊರಳಲ್ಲಿ, ಕೈಯಲ್ಲಿ, ಕಿವಿಯಲ್ಲಿ ರುದ್ರಾಕ್ಷಿ ಧರಿಸುವ ಸಂಪ್ರದಾಯವಿದೆ. ವೀರಶೈವರು ರುದ್ರಾಕ್ಷಿಯನ್ನು ಅಷ್ಟಾವರಣಗಳಲ್ಲಿ ಒಂದೆಂದು ಪರಿಗಣಿಸುತ್ತಾರೆ. ಕರ್ನಾಟಕದ ಶಿವಭಕ್ತರು ರುದ್ರಾಕ್ಷಿಯನ್ನು ಅತ್ಯಂತ ಗೌರವದಿಂದ ಕಾಣುತ್ತಾರೆ. ಶಿವರಾತ್ರಿಯಂದು ರುದ್ರಾಕ್ಷಿ ಧಾರಣೆ ವಿಶೇಷ ಫಲ ನೀಡುತ್ತದೆ.

ಏಕಮುಖಿ ರುದ್ರಾಕ್ಷಿ ಸಾಕ್ಷಾತ್ ಶಿವಸ್ವರೂಪ. ದ್ವಿಮುಖಿ ಅರ್ಧನಾರೀಶ್ವರ ಸ್ವರೂಪ. ತ್ರಿಮುಖಿ ಅಗ್ನಿ ಸ್ವರೂಪ. ಚತುರ್ಮುಖಿ ಬ್ರಹ್ಮ ಸ್ವರೂಪ. ಪಂಚಮುಖಿ ಕಾಲಾಗ್ನಿರುದ್ರ ಸ್ವರೂಪ. ಷಣ್ಮುಖಿ ಕಾರ್ತಿಕೇಯ ಸ್ವರೂಪ. ಸಪ್ತಮುಖಿ ಮನ್ಮಥ ಸ್ವರೂಪ. ಅಷ್ಟಮುಖಿ ಗಣೇಶ ಸ್ವರೂಪ. ನವಮುಖಿ ಭೈರವ ಸ್ವರೂಪ. ದಶಮುಖಿ ವಿಷ್ಣು ಸ್ವರೂಪ. ಏಕಾದಶಮುಖಿ ರುದ್ರ ಸ್ವರೂಪ. ದ್ವಾದಶಮುಖಿ ಸೂರ್ಯ ಸ್ವರೂಪ ಎಂದು ಹೇಳಲಾಗಿದೆ.

ರುದ್ರಾಕ್ಷಿ ಧರಿಸುವ ಮೊದಲು ಅದನ್ನು ಶುದ್ಧೀಕರಿಸಿ ಪೂಜಿಸಬೇಕು. ಪಂಚಾಮೃತದಿಂದ ಅಭಿಷೇಕ ಮಾಡಿ ಓಂ ನಮಃ ಶಿವಾಯ ಮಂತ್ರ ಜಪಿಸಿ ಧರಿಸಬೇಕು. ಕೊರಳಲ್ಲಿ, ಕೈಯಲ್ಲಿ, ಕಿವಿಯಲ್ಲಿ ರುದ್ರಾಕ್ಷಿ ಧರಿಸುವ ಸಂಪ್ರದಾಯವಿದೆ. ವೀರಶೈವರು ರುದ್ರಾಕ್ಷಿಯನ್ನು ಅಷ್ಟಾವರಣಗಳಲ್ಲಿ ಒಂದೆಂದು ಪರಿಗಣಿಸುತ್ತಾರೆ. ಕರ್ನಾಟಕದ ಶಿವಭಕ್ತರು ರುದ್ರಾಕ್ಷಿಯನ್ನು ಅತ್ಯಂತ ಗೌರವದಿಂದ ಕಾಣುತ್ತಾರೆ. ಶಿವರಾತ್ರಿಯಂದು ರುದ್ರಾಕ್ಷಿ ಧಾರಣೆ ವಿಶೇಷ ಫಲ ನೀಡುತ್ತದೆ.

ರುದ್ರಾಕ್ಷಿಯ ಕಾಯಿ ನೀಲಿ ಬಣ್ಣದಲ್ಲಿದ್ದು ಒಳಗೆ ಬೀಜವಿರುತ್ತದೆ. ಆ ಬೀಜವನ್ನೇ ರುದ್ರಾಕ್ಷಿ ಎನ್ನುವರು. ರುದ್ರಾಕ್ಷಿಯ ಮೇಲಿರುವ ಗೆರೆಗಳನ್ನು ಮುಖಗಳೆಂದು ಕರೆಯುತ್ತಾರೆ. ಒಂದು ಮುಖದಿಂದ ಇಪ್ಪತ್ತೊಂದು ಮುಖಗಳವರೆಗೆ ರುದ್ರಾಕ್ಷಿಗಳಿವೆ. ಪಂಚಮುಖಿ ರುದ್ರಾಕ್ಷಿ ಸಾಮಾನ್ಯವಾಗಿ ದೊರೆಯುತ್ತದೆ. ಏಕಮುಖಿ ರುದ್ರಾಕ್ಷಿ ಅಪರೂಪ ಹಾಗೂ ಅತ್ಯಂತ ಶ್ರೇಷ್ಠ.

ನಂ. ಶ್ರೀಕಂಠ ಕುಮಾರ್
ಮೈಸೂರು-34
ಚರವಾಣಿ:
9481067333

ರುದ್ರಾಕ್ಷಿ ಧರಿಸುವ ಮೊದಲು ಅದನ್ನು ಶುದ್ಧೀಕರಿಸಿ ಪೂಜಿಸಬೇಕು. ಪಂಚಾಮೃತದಿಂದ ಅಭಿಷೇಕ ಮಾಡಿ ಓಂ ನಮಃ ಶಿವಾಯ ಮಂತ್ರ ಜಪಿಸಿ ಧರಿಸಬೇಕು. ಕೊರಳಲ್ಲಿ, ಕೈಯಲ್ಲಿ, ಕಿವಿಯಲ್ಲಿ ರುದ್ರಾಕ್ಷಿ ಧರಿಸುವ ಸಂಪ್ರದಾಯವಿದೆ. ವೀರಶೈವರು ರುದ್ರಾಕ್ಷಿಯನ್ನು ಅಷ್ಟಾವರಣಗಳಲ್ಲಿ ಒಂದೆಂದು ಪರಿಗಣಿಸುತ್ತಾರೆ. ಕರ್ನಾಟಕದ ಶಿವಭಕ್ತರು ರುದ್ರಾಕ್ಷಿಯನ್ನು ಅತ್ಯಂತ ಗೌರವದಿಂದ ಕಾಣುತ್ತಾರೆ. ಶಿವರಾತ್ರಿಯಂದು ರುದ್ರಾಕ್ಷಿ ಧಾರಣೆ ವಿಶೇಷ ಫಲ ನೀಡುತ್ತದೆ.

ಇಂದು ಮಾರುಕಟ್ಟೆಯಲ್ಲಿ ನಕಲಿ ರುದ್ರಾಕ್ಷಿಗಳೂ ದೊರೆಯುತ್ತವೆ. ನೀರಿನಲ್ಲಿ ಹಾಕಿದಾಗ ಮುಳುಗುವುದು ಅಸಲಿ ರುದ್ರಾಕ್ಷಿ ಎಂಬ ನಂಬಿಕೆ ಇದೆ. ನಂಬಿಕಸ್ಥ ಅಂಗಡಿಗಳಲ್ಲಿ ಮಾತ್ರ ರುದ್ರಾಕ್ಷಿ ಖರೀದಿಸಬೇಕು. ಭಕ್ತಿ, ಶ್ರದ್ಧೆಯಿಂದ ಧರಿಸಿದರೆ ರುದ್ರಾಕ್ಷಿ ಮನಸ್ಸಿಗೆ ಶಾಂತಿ, ನೆಮ್ಮದಿ ನೀಡುತ್ತದೆ. ಶಿವನ ಕೃಪೆಗೆ ಪಾತ್ರರಾಗಲು ರುದ್ರಾಕ್ಷಿ ಒಂದು ಸಾಧನ. ಇದೇ ರುದ್ರಾಕ್ಷಿಯ ಮಹತ್ವ.

ಇಂದು ಮಾರುಕಟ್ಟೆಯಲ್ಲಿ ನಕಲಿ ರುದ್ರಾಕ್ಷಿಗಳೂ ದೊರೆಯುತ್ತವೆ. ನೀರಿನಲ್ಲಿ ಹಾಕಿದಾಗ ಮುಳುಗುವುದು ಅಸಲಿ ರುದ್ರಾಕ್ಷಿ ಎಂಬ ನಂಬಿಕೆ ಇದೆ. ನಂಬಿಕಸ್ಥ ಅಂಗಡಿಗಳಲ್ಲಿ ಮಾತ್ರ ರುದ್ರಾಕ್ಷಿ ಖರೀದಿಸಬೇಕು. ಭಕ್ತಿ, ಶ್ರದ್ಧೆಯಿಂದ ಧರಿಸಿದರೆ ರುದ್ರಾಕ್ಷಿ ಮನಸ್ಸಿಗೆ ಶಾಂತಿ, ನೆಮ್ಮದಿ ನೀಡುತ್ತದೆ. ಶಿವನ ಕೃಪೆಗೆ ಪಾತ್ರರಾಗಲು ರುದ್ರಾಕ್ಷಿ ಒಂದು ಸಾಧನ. ಇದೇ ರುದ್ರಾಕ್ಷಿಯ ಮಹತ್ವ.

Printed by T.S. Gopinath, Published by M. Govinde Gowda on behalf of Academy Newspapers Private Limited, 15-C Industrial 'A' Layout, Bannimantap, Mysore-570 015 and Printed at Academy News papers Private
Limited, 15-C Industrial 'A' Layout, Bannimantap, Mysore-570 015 and Published at 15-C Industrial 'A' Layout, Bannimantap, Mysore-570 015. Editor: M. Govinde Gowda Ph: 2496520 / 2496521 / 2496526 /
2496527 / 2496528. Fax: 0821-2496525. CITY OFFICES: Vishveswarya Building, III Floor, K.R. CIRCLE, MYSORE-570 001, Ph: 2431774 and No. 114, D. DEVARAJ URS ROAD (Opposite Big Bus), MYSORE-
570 001. Ph: 2428695. RNI Reg. No. 36581 / 1980 E-mail address: news@mysurumithra.com For advertisements: ad@mysurumithra.com, website: www.mysurumithra.com
